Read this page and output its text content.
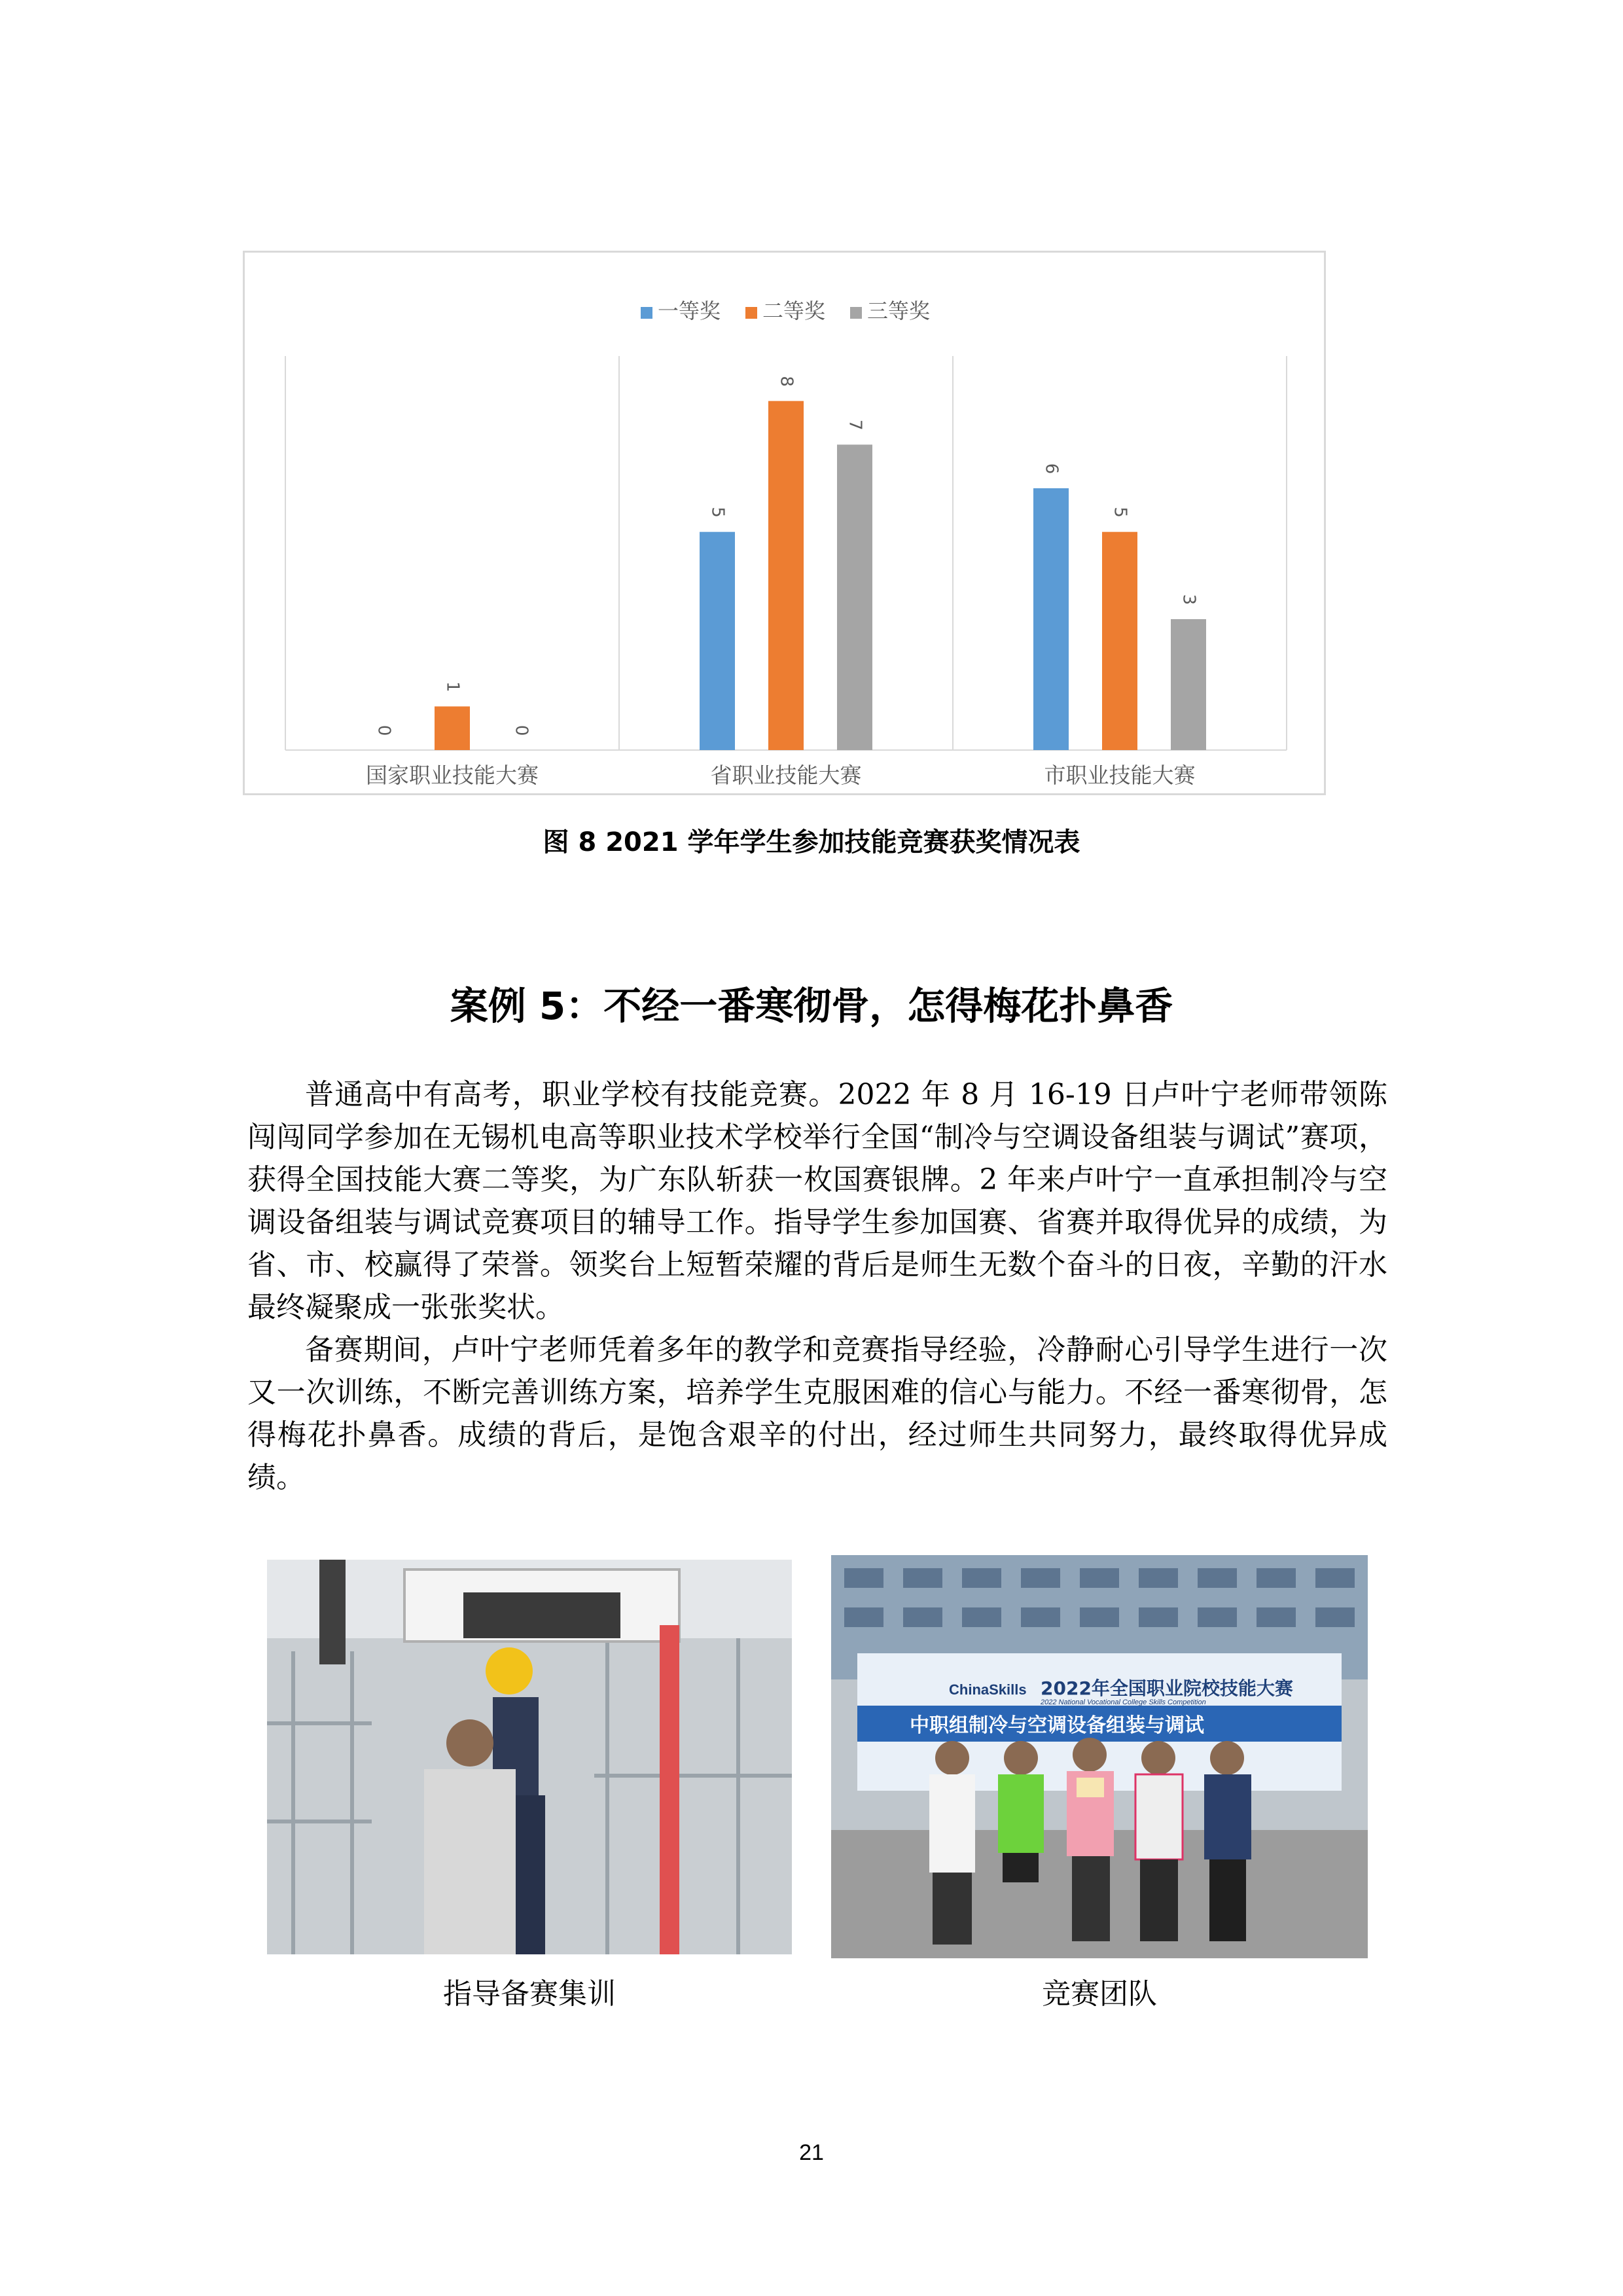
一等奖 二等奖 三等奖
0
1
0
国家职业技能大赛
5
8
7
省职业技能大赛
6
5
3
市职业技能大赛
图 8 2021 学年学生参加技能竞赛获奖情况表
案例 5：不经一番寒彻骨，怎得梅花扑鼻香

普通高中有高考，职业学校有技能竞赛。2022 年 8 月 16-19 日卢叶宁老师带领陈闯闯同学参加在无锡机电高等职业技术学校举行全国“制冷与空调设备组装与调试”赛项，获得全国技能大赛二等奖，为广东队斩获一枚国赛银牌。2 年来卢叶宁一直承担制冷与空调设备组装与调试竞赛项目的辅导工作。指导学生参加国赛、省赛并取得优异的成绩，为省、市、校赢得了荣誉。领奖台上短暂荣耀的背后是师生无数个奋斗的日夜，辛勤的汗水最终凝聚成一张张奖状。

备赛期间，卢叶宁老师凭着多年的教学和竞赛指导经验，冷静耐心引导学生进行一次又一次训练，不断完善训练方案，培养学生克服困难的信心与能力。不经一番寒彻骨，怎得梅花扑鼻香。成绩的背后，是饱含艰辛的付出，经过师生共同努力，最终取得优异成绩。

指导备赛集训
ChinaSkills 2022年全国职业院校技能大赛
2022 National Vocational College Skills Competition
中职组制冷与空调设备组装与调试
竞赛团队
21
